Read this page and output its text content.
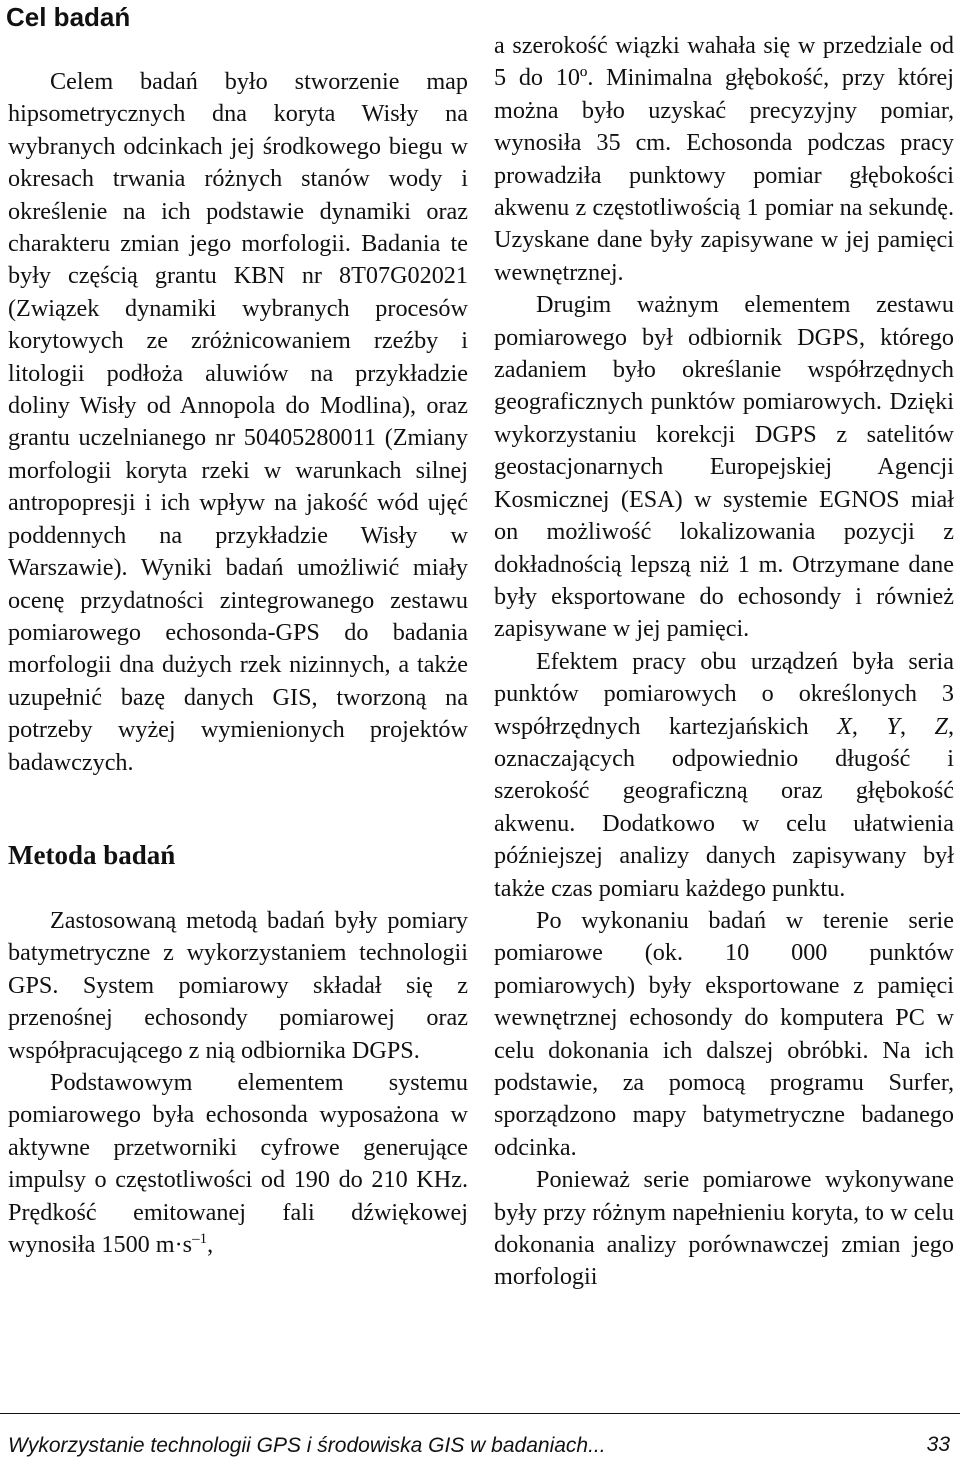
Cel badań

Celem badań było stworzenie map hipsometrycznych dna koryta Wisły na wybranych odcinkach jej środkowego biegu w okresach trwania różnych stanów wody i określenie na ich podstawie dynamiki oraz charakteru zmian jego morfologii. Badania te były częścią grantu KBN nr 8T07G02021 (Związek dynamiki wybranych procesów korytowych ze zróżnicowaniem rzeźby i litologii podłoża aluwiów na przykładzie doliny Wisły od Annopola do Modlina), oraz grantu uczelnianego nr 50405280011 (Zmiany morfologii koryta rzeki w warunkach silnej antropopresji i ich wpływ na jakość wód ujęć poddennych na przykładzie Wisły w Warszawie). Wyniki badań umożliwić miały ocenę przydatności zintegrowanego zestawu pomiarowego echosonda-GPS do badania morfologii dna dużych rzek nizinnych, a także uzupełnić bazę danych GIS, tworzoną na potrzeby wyżej wymienionych projektów badawczych.

Metoda badań

Zastosowaną metodą badań były pomiary batymetryczne z wykorzystaniem technologii GPS. System pomiarowy składał się z przenośnej echosondy pomiarowej oraz współpracującego z nią odbiornika DGPS.

Podstawowym elementem systemu pomiarowego była echosonda wyposażona w aktywne przetworniki cyfrowe generujące impulsy o częstotliwości od 190 do 210 KHz. Prędkość emitowanej fali dźwiękowej wynosiła 1500 $m\cdot s^{-1}$,

a szerokość wiązki wahała się w przedziale od 5 do 10º. Minimalna głębokość, przy której można było uzyskać precyzyjny pomiar, wynosiła 35 cm. Echosonda podczas pracy prowadziła punktowy pomiar głębokości akwenu z częstotliwością 1 pomiar na sekundę. Uzyskane dane były zapisywane w jej pamięci wewnętrznej.

Drugim ważnym elementem zestawu pomiarowego był odbiornik DGPS, którego zadaniem było określanie współrzędnych geograficznych punktów pomiarowych. Dzięki wykorzystaniu korekcji DGPS z satelitów geostacjonarnych Europejskiej Agencji Kosmicznej (ESA) w systemie EGNOS miał on możliwość lokalizowania pozycji z dokładnością lepszą niż 1 m. Otrzymane dane były eksportowane do echosondy i również zapisywane w jej pamięci.

Efektem pracy obu urządzeń była seria punktów pomiarowych o określonych 3 współrzędnych kartezjańskich X, Y, Z, oznaczających odpowiednio długość i szerokość geograficzną oraz głębokość akwenu. Dodatkowo w celu ułatwienia późniejszej analizy danych zapisywany był także czas pomiaru każdego punktu.

Po wykonaniu badań w terenie serie pomiarowe (ok. 10 000 punktów pomiarowych) były eksportowane z pamięci wewnętrznej echosondy do komputera PC w celu dokonania ich dalszej obróbki. Na ich podstawie, za pomocą programu Surfer, sporządzono mapy batymetryczne badanego odcinka.

Ponieważ serie pomiarowe wykonywane były przy różnym napełnieniu koryta, to w celu dokonania analizy porównawczej zmian jego morfologii

Wykorzystanie technologii GPS i środowiska GIS w badaniach...	33
